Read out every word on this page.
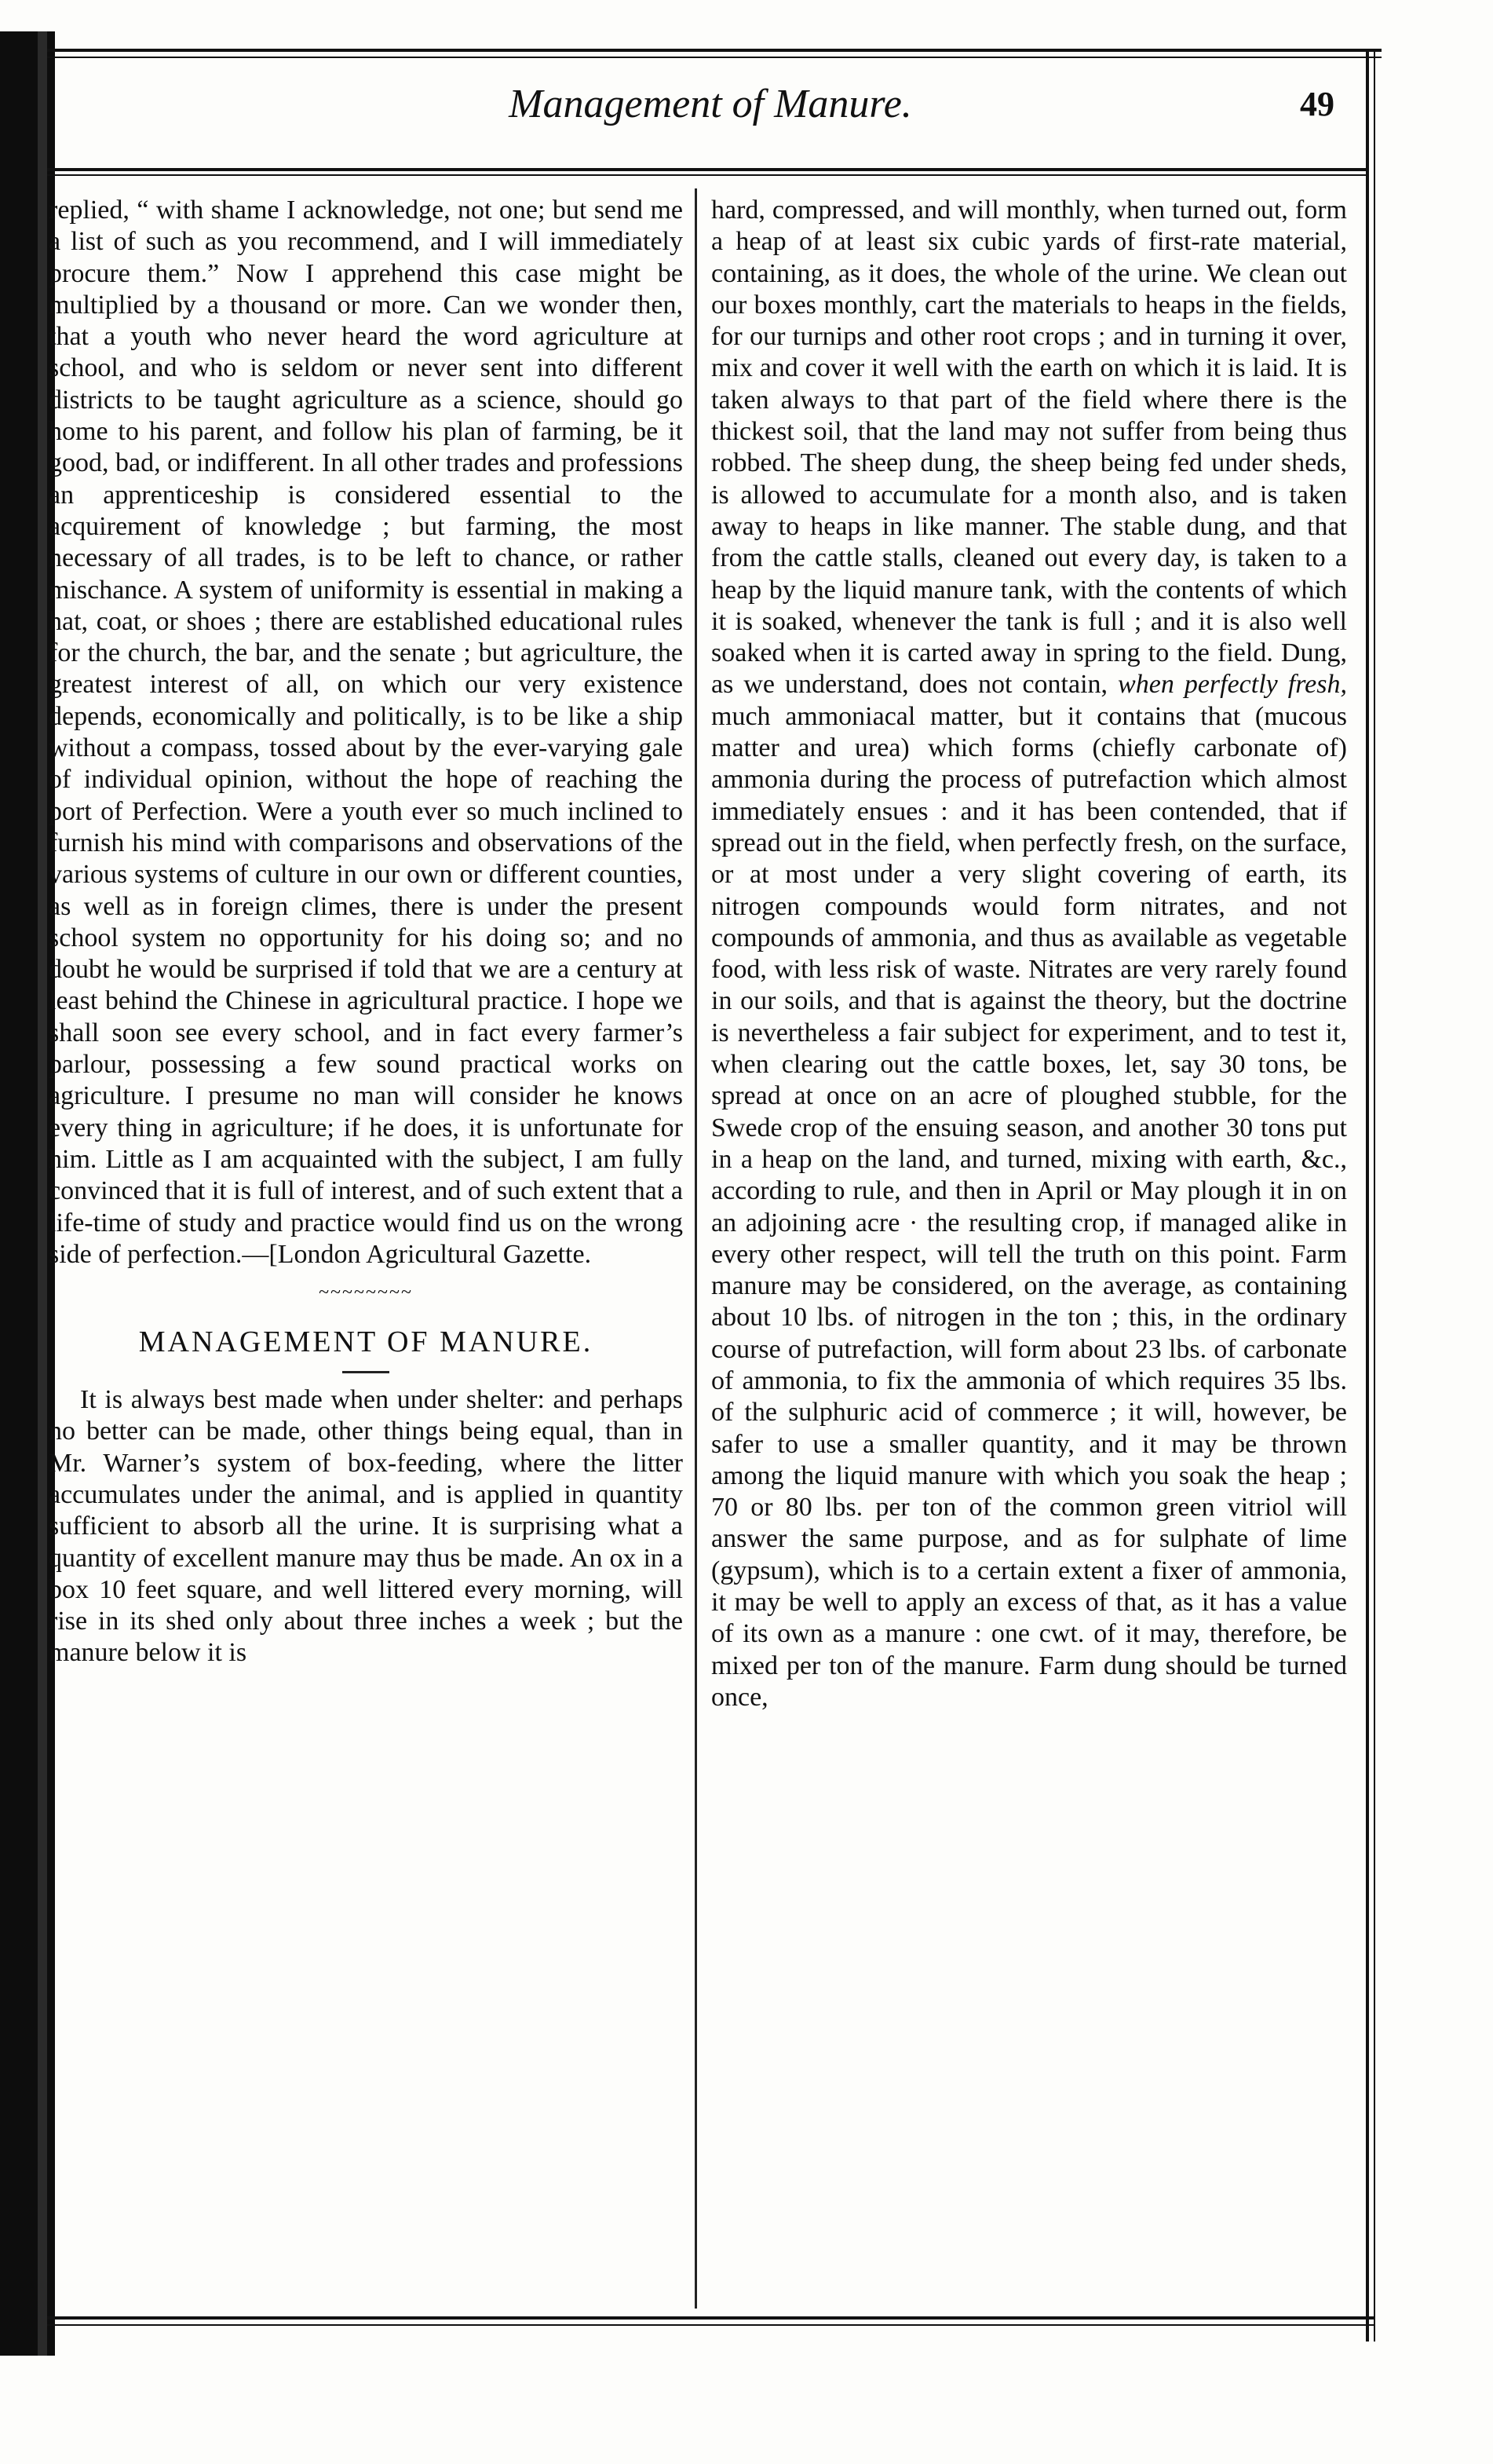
Management of Manure.	49

replied, “ with shame I acknowledge, not one; but send me a list of such as you recommend, and I will immediately procure them.” Now I apprehend this case might be multiplied by a thousand or more. Can we wonder then, that a youth who never heard the word agriculture at school, and who is seldom or never sent into different districts to be taught agriculture as a science, should go home to his parent, and follow his plan of farming, be it good, bad, or indifferent. In all other trades and professions an apprenticeship is considered essential to the acquirement of knowledge ; but farming, the most necessary of all trades, is to be left to chance, or rather mischance. A system of uniformity is essential in making a hat, coat, or shoes ; there are established educational rules for the church, the bar, and the senate ; but agriculture, the greatest interest of all, on which our very existence depends, economically and politically, is to be like a ship without a compass, tossed about by the ever-varying gale of individual opinion, without the hope of reaching the port of Perfection. Were a youth ever so much inclined to furnish his mind with comparisons and observations of the various systems of culture in our own or different counties, as well as in foreign climes, there is under the present school system no opportunity for his doing so; and no doubt he would be surprised if told that we are a century at least behind the Chinese in agricultural practice. I hope we shall soon see every school, and in fact every farmer’s parlour, possessing a few sound practical works on agriculture. I presume no man will consider he knows every thing in agriculture; if he does, it is unfortunate for him. Little as I am acquainted with the subject, I am fully convinced that it is full of interest, and of such extent that a life-time of study and practice would find us on the wrong side of perfection.—[London Agricultural Gazette.

~~~~~~~~
MANAGEMENT OF MANURE.

It is always best made when under shelter: and perhaps no better can be made, other things being equal, than in Mr. Warner’s system of box-feeding, where the litter accumulates under the animal, and is applied in quantity sufficient to absorb all the urine. It is surprising what a quantity of excellent manure may thus be made. An ox in a box 10 feet square, and well littered every morning, will rise in its shed only about three inches a week ; but the manure below it is

hard, compressed, and will monthly, when turned out, form a heap of at least six cubic yards of first-rate material, containing, as it does, the whole of the urine. We clean out our boxes monthly, cart the materials to heaps in the fields, for our turnips and other root crops ; and in turning it over, mix and cover it well with the earth on which it is laid. It is taken always to that part of the field where there is the thickest soil, that the land may not suffer from being thus robbed. The sheep dung, the sheep being fed under sheds, is allowed to accumulate for a month also, and is taken away to heaps in like manner. The stable dung, and that from the cattle stalls, cleaned out every day, is taken to a heap by the liquid manure tank, with the contents of which it is soaked, whenever the tank is full ; and it is also well soaked when it is carted away in spring to the field. Dung, as we understand, does not contain, when perfectly fresh, much ammoniacal matter, but it contains that (mucous matter and urea) which forms (chiefly carbonate of) ammonia during the process of putrefaction which almost immediately ensues : and it has been contended, that if spread out in the field, when perfectly fresh, on the surface, or at most under a very slight covering of earth, its nitrogen compounds would form nitrates, and not compounds of ammonia, and thus as available as vegetable food, with less risk of waste. Nitrates are very rarely found in our soils, and that is against the theory, but the doctrine is nevertheless a fair subject for experiment, and to test it, when clearing out the cattle boxes, let, say 30 tons, be spread at once on an acre of ploughed stubble, for the Swede crop of the ensuing season, and another 30 tons put in a heap on the land, and turned, mixing with earth, &c., according to rule, and then in April or May plough it in on an adjoining acre · the resulting crop, if managed alike in every other respect, will tell the truth on this point. Farm manure may be considered, on the average, as containing about 10 lbs. of nitrogen in the ton ; this, in the ordinary course of putrefaction, will form about 23 lbs. of carbonate of ammonia, to fix the ammonia of which requires 35 lbs. of the sulphuric acid of commerce ; it will, however, be safer to use a smaller quantity, and it may be thrown among the liquid manure with which you soak the heap ; 70 or 80 lbs. per ton of the common green vitriol will answer the same purpose, and as for sulphate of lime (gypsum), which is to a certain extent a fixer of ammonia, it may be well to apply an excess of that, as it has a value of its own as a manure : one cwt. of it may, therefore, be mixed per ton of the manure. Farm dung should be turned once,
